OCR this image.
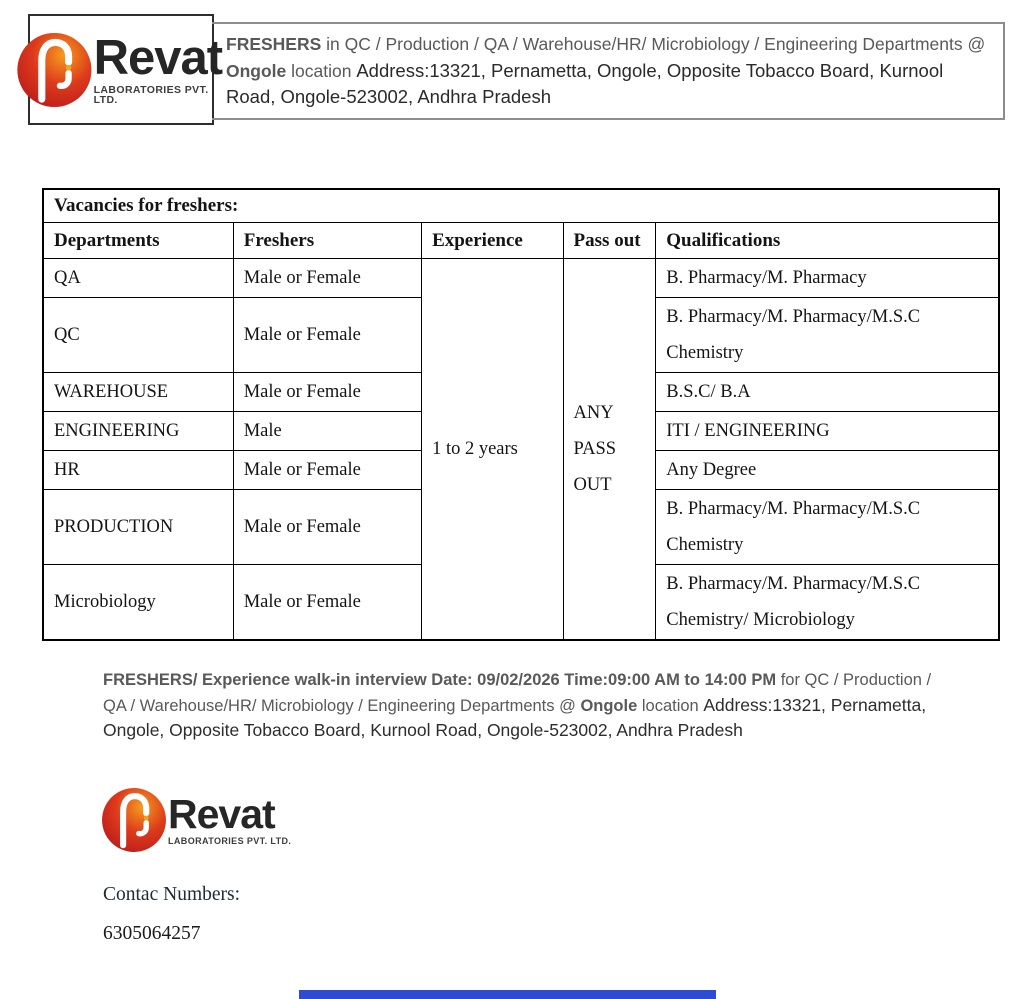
Revat
LABORATORIES PVT. LTD.
FRESHERS in QC / Production / QA / Warehouse/HR/ Microbiology / Engineering Departments @ Ongole location Address:13321, Pernametta, Ongole, Opposite Tobacco Board, Kurnool Road, Ongole-523002, Andhra Pradesh
Vacancies for freshers:				
Departments	Freshers	Experience	Pass out	Qualifications
QA	Male or Female	1 to 2 years	ANY PASS OUT	B. Pharmacy/M. Pharmacy
QC	Male or Female			B. Pharmacy/M. Pharmacy/M.S.C Chemistry
WAREHOUSE	Male or Female			B.S.C/ B.A
ENGINEERING	Male			ITI / ENGINEERING
HR	Male or Female			Any Degree
PRODUCTION	Male or Female			B. Pharmacy/M. Pharmacy/M.S.C Chemistry
Microbiology	Male or Female			B. Pharmacy/M. Pharmacy/M.S.C Chemistry/ Microbiology
FRESHERS/ Experience walk-in interview Date: 09/02/2026 Time:09:00 AM to 14:00 PM for QC / Production / QA / Warehouse/HR/ Microbiology / Engineering Departments @ Ongole location Address:13321, Pernametta, Ongole, Opposite Tobacco Board, Kurnool Road, Ongole-523002, Andhra Pradesh
Revat
LABORATORIES PVT. LTD.
Contac Numbers:
6305064257
